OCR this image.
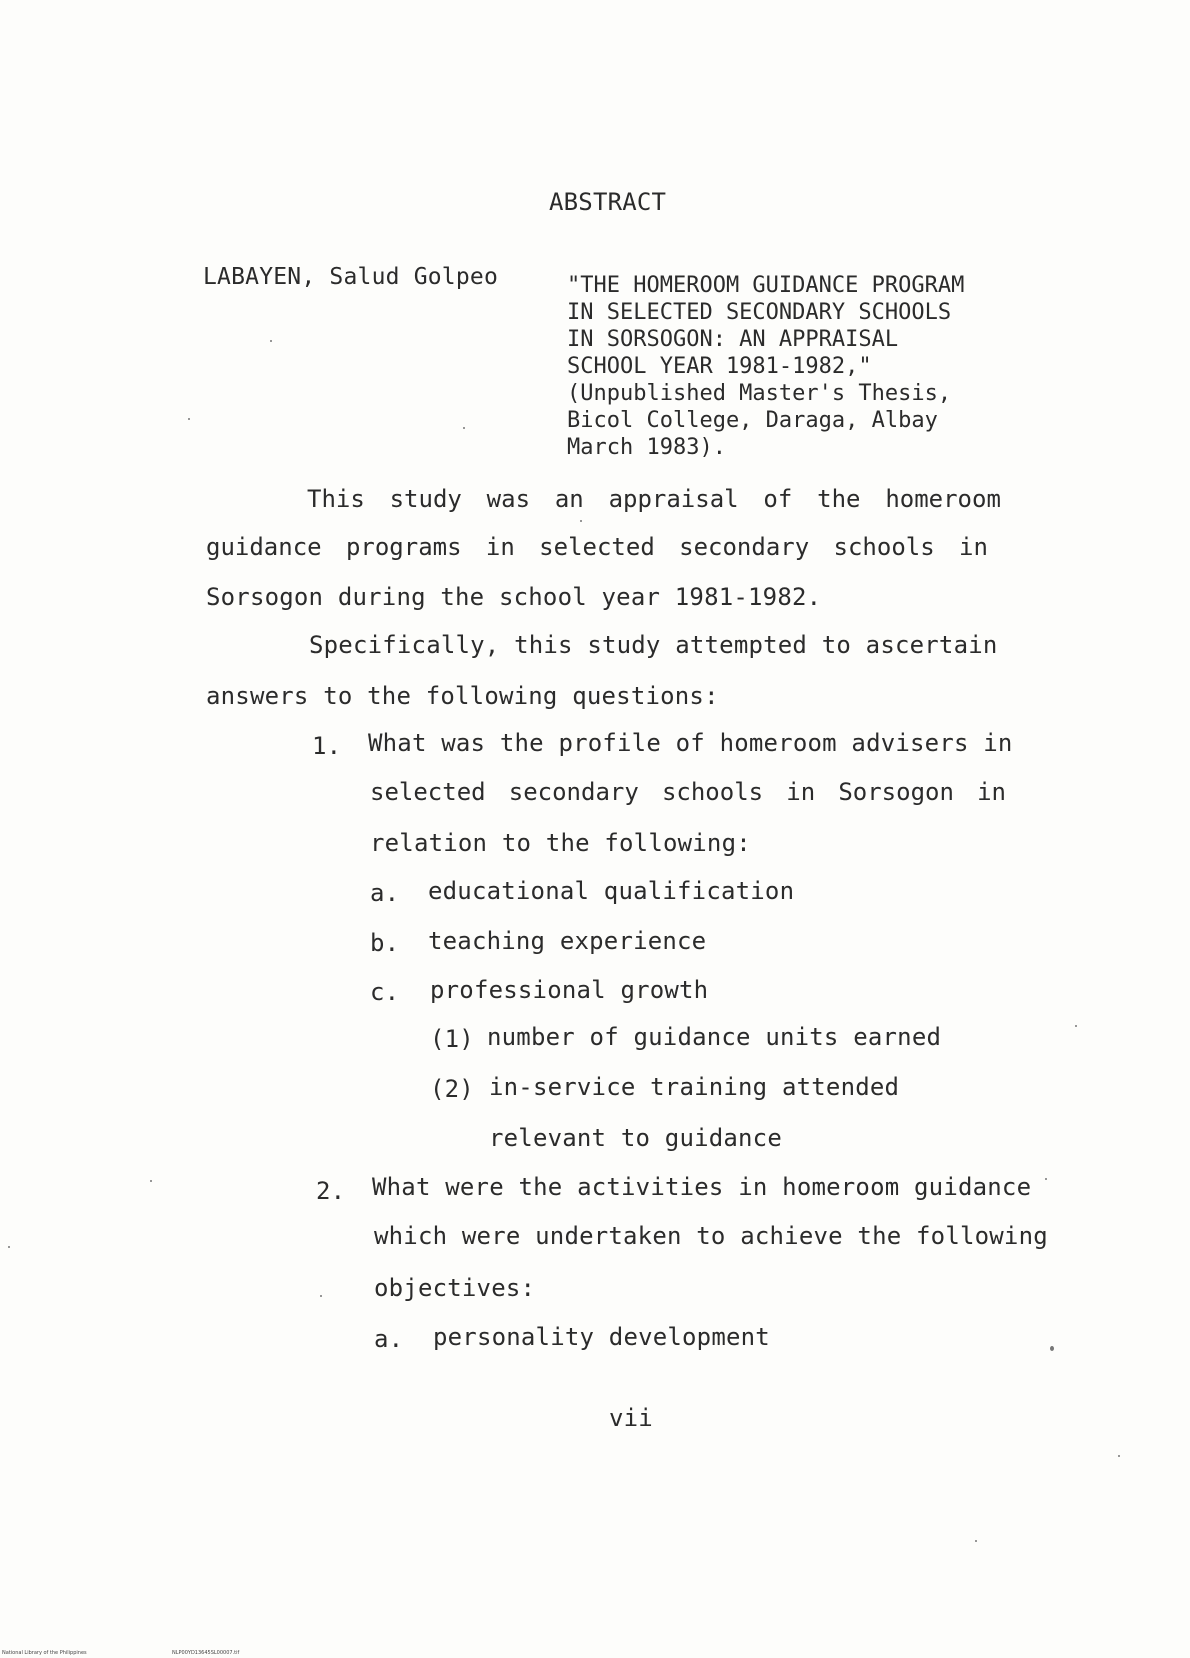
ABSTRACT
LABAYEN, Salud Golpeo	"THE HOMEROOM GUIDANCE PROGRAM
IN SELECTED SECONDARY SCHOOLS
IN SORSOGON: AN APPRAISAL
SCHOOL YEAR 1981-1982,"
(Unpublished Master's Thesis,
Bicol College, Daraga, Albay
March 1983).
This study was an appraisal of the homeroom
guidance programs in selected secondary schools in
Sorsogon during the school year 1981-1982.
Specifically, this study attempted to ascertain
answers to the following questions:
1. What was the profile of homeroom advisers in
selected secondary schools in Sorsogon in
relation to the following:
a. educational qualification
b. teaching experience
c. professional growth
(1) number of guidance units earned
(2) in-service training attended
relevant to guidance
2. What were the activities in homeroom guidance
which were undertaken to achieve the following
objectives:
a. personality development
vii
National Library of the Philippines	NLP00YD13645SL00007.tif
